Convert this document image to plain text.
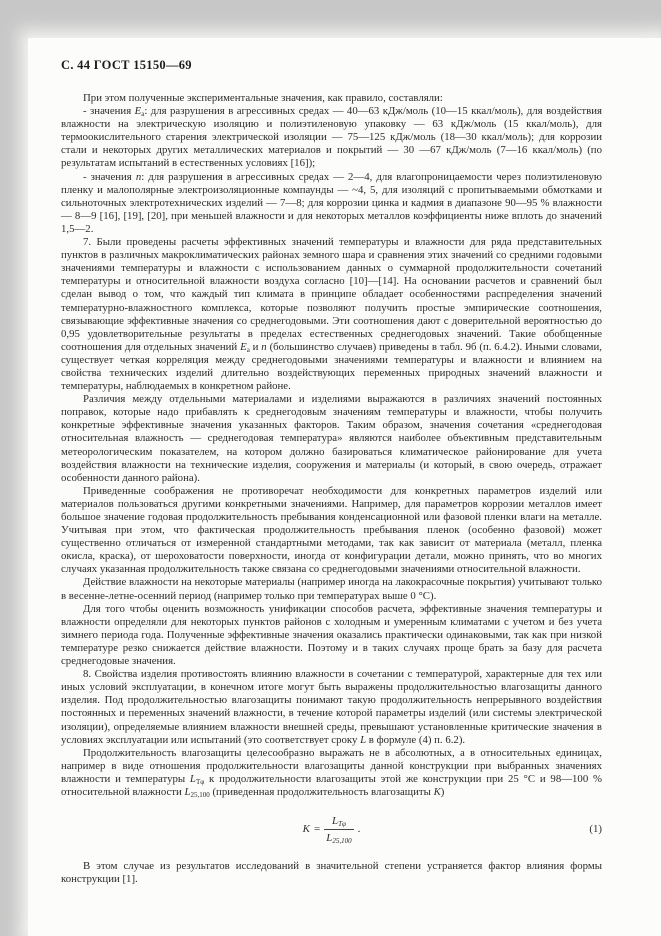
С. 44 ГОСТ 15150—69

При этом полученные экспериментальные значения, как правило, составляли:

- значения $Е_а$: для разрушения в агрессивных средах — 40—63 кДж/моль (10—15 ккал/моль), для воздействия влажности на электрическую изоляцию и полиэтиленовую упаковку — 63 кДж/моль (15 ккал/моль), для термоокислительного старения электрической изоляции — 75—125 кДж/моль (18—30 ккал/моль); для коррозии стали и некоторых других металлических материалов и покрытий — 30 —67 кДж/моль (7—16 ккал/моль) (по результатам испытаний в естественных условиях [16]);

- значения n: для разрушения в агрессивных средах — 2—4, для влагопроницаемости через полиэтиленовую пленку и малополярные электроизоляционные компаунды — ~4, 5, для изоляций с пропитываемыми обмотками и сильноточных электротехнических изделий — 7—8; для коррозии цинка и кадмия в диапазоне 90—95 % влажности — 8—9 [16], [19], [20], при меньшей влажности и для некоторых металлов коэффициенты ниже вплоть до значений 1,5—2.

7. Были проведены расчеты эффективных значений температуры и влажности для ряда представительных пунктов в различных макроклиматических районах земного шара и сравнения этих значений со средними годовыми значениями температуры и влажности с использованием данных о суммарной продолжительности сочетаний температуры и относительной влажности воздуха согласно [10]—[14]. На основании расчетов и сравнений был сделан вывод о том, что каждый тип климата в принципе обладает особенностями распределения значений температурно-влажностного комплекса, которые позволяют получить простые эмпирические соотношения, связывающие эффективные значения со среднегодовыми. Эти соотношения дают с доверительной вероятностью до 0,95 удовлетворительные результаты в пределах естественных среднегодовых значений. Такие обобщенные соотношения для отдельных значений $Е_а$ и n (большинство случаев) приведены в табл. 9б (п. 6.4.2). Иными словами, существует четкая корреляция между среднегодовыми значениями температуры и влажности и влиянием на свойства технических изделий длительно воздействующих переменных природных значений влажности и температуры, наблюдаемых в конкретном районе.

Различия между отдельными материалами и изделиями выражаются в различиях значений постоянных поправок, которые надо прибавлять к среднегодовым значениям температуры и влажности, чтобы получить конкретные эффективные значения указанных факторов. Таким образом, значения сочетания «среднегодовая относительная влажность — среднегодовая температура» являются наиболее объективным представительным метеорологическим показателем, на котором должно базироваться климатическое районирование для учета воздействия влажности на технические изделия, сооружения и материалы (и который, в свою очередь, отражает особенности данного района).

Приведенные соображения не противоречат необходимости для конкретных параметров изделий или материалов пользоваться другими конкретными значениями. Например, для параметров коррозии металлов имеет большое значение годовая продолжительность пребывания конденсационной или фазовой пленки влаги на металле. Учитывая при этом, что фактическая продолжительность пребывания пленок (особенно фазовой) может существенно отличаться от измеренной стандартными методами, так как зависит от материала (металл, пленка окисла, краска), от шероховатости поверхности, иногда от конфигурации детали, можно принять, что во многих случаях указанная продолжительность также связана со среднегодовыми значениями относительной влажности.

Действие влажности на некоторые материалы (например иногда на лакокрасочные покрытия) учитывают только в весенне-летне-осенний период (например только при температурах выше 0 °С).

Для того чтобы оценить возможность унификации способов расчета, эффективные значения температуры и влажности определяли для некоторых пунктов районов с холодным и умеренным климатами с учетом и без учета зимнего периода года. Полученные эффективные значения оказались практически одинаковыми, так как при низкой температуре резко снижается действие влажности. Поэтому и в таких случаях проще брать за базу для расчета среднегодовые значения.

8. Свойства изделия противостоять влиянию влажности в сочетании с температурой, характерные для тех или иных условий эксплуатации, в конечном итоге могут быть выражены продолжительностью влагозащиты данного изделия. Под продолжительностью влагозащиты понимают такую продолжительность непрерывного воздействия постоянных и переменных значений влажности, в течение которой параметры изделий (или системы электрической изоляции), определяемые влиянием влажности внешней среды, превышают установленные критические значения в условиях эксплуатации или испытаний (это соответствует сроку L в формуле (4) п. 6.2).

Продолжительность влагозащиты целесообразно выражать не в абсолютных, а в относительных единицах, например в виде отношения продолжительности влагозащиты данной конструкции при выбранных значениях влажности и температуры $L_{Т\varphi}$ к продолжительности влагозащиты этой же конструкции при 25 °С и 98—100 % относительной влажности $L_{25,100}$ (приведенная продолжительность влагозащиты К)

$К = \frac{L_{Т\varphi}}{L_{25,100}}$ .	(1)

В этом случае из результатов исследований в значительной степени устраняется фактор влияния формы конструкции [1].
